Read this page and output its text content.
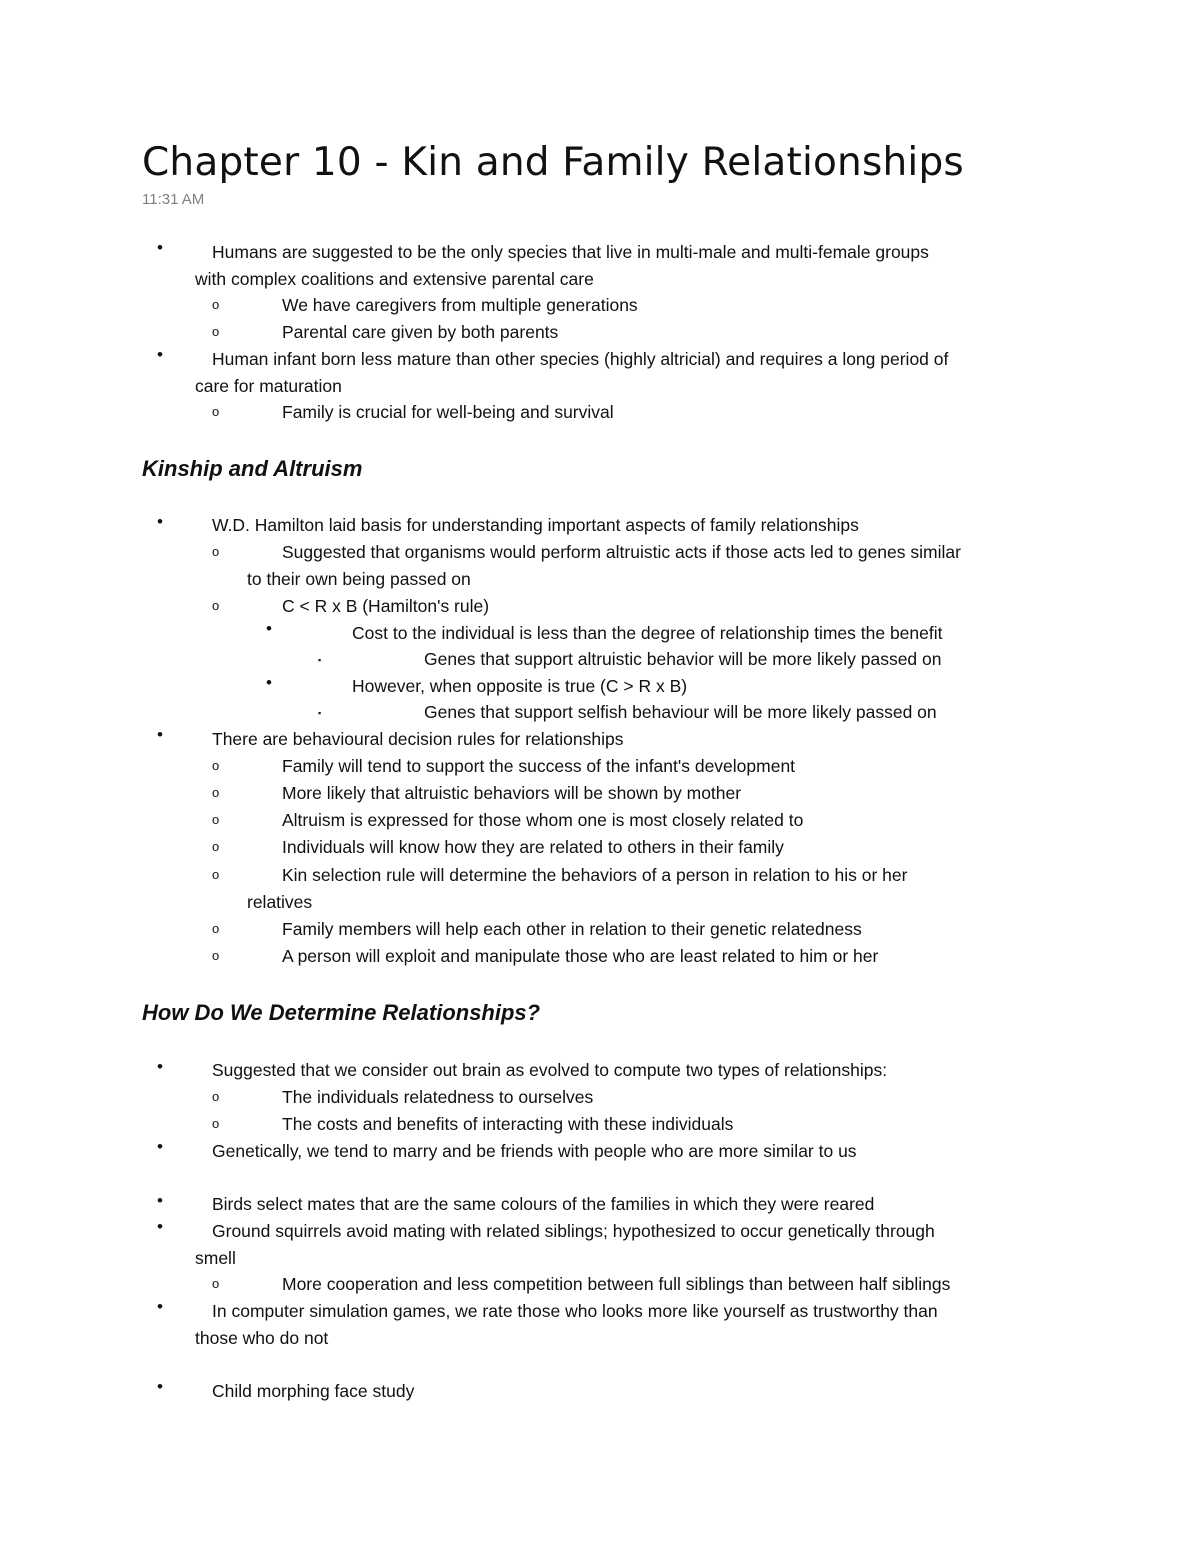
Chapter 10 - Kin and Family Relationships
11:31 AM
•	Humans are suggested to be the only species that live in multi-male and multi-female groups
with complex coalitions and extensive parental care
o	We have caregivers from multiple generations
o	Parental care given by both parents
•	Human infant born less mature than other species (highly altricial) and requires a long period of
care for maturation
o	Family is crucial for well-being and survival
Kinship and Altruism
•	W.D. Hamilton laid basis for understanding important aspects of family relationships
o	Suggested that organisms would perform altruistic acts if those acts led to genes similar
to their own being passed on
o	C < R x B (Hamilton's rule)
•	Cost to the individual is less than the degree of relationship times the benefit
▪	Genes that support altruistic behavior will be more likely passed on
•	However, when opposite is true (C > R x B)
▪	Genes that support selfish behaviour will be more likely passed on
•	There are behavioural decision rules for relationships
o	Family will tend to support the success of the infant's development
o	More likely that altruistic behaviors will be shown by mother
o	Altruism is expressed for those whom one is most closely related to
o	Individuals will know how they are related to others in their family
o	Kin selection rule will determine the behaviors of a person in relation to his or her
relatives
o	Family members will help each other in relation to their genetic relatedness
o	A person will exploit and manipulate those who are least related to him or her
How Do We Determine Relationships?
•	Suggested that we consider out brain as evolved to compute two types of relationships:
o	The individuals relatedness to ourselves
o	The costs and benefits of interacting with these individuals
•	Genetically, we tend to marry and be friends with people who are more similar to us
•	Birds select mates that are the same colours of the families in which they were reared
•	Ground squirrels avoid mating with related siblings; hypothesized to occur genetically through
smell
o	More cooperation and less competition between full siblings than between half siblings
•	In computer simulation games, we rate those who looks more like yourself as trustworthy than
those who do not
•	Child morphing face study
